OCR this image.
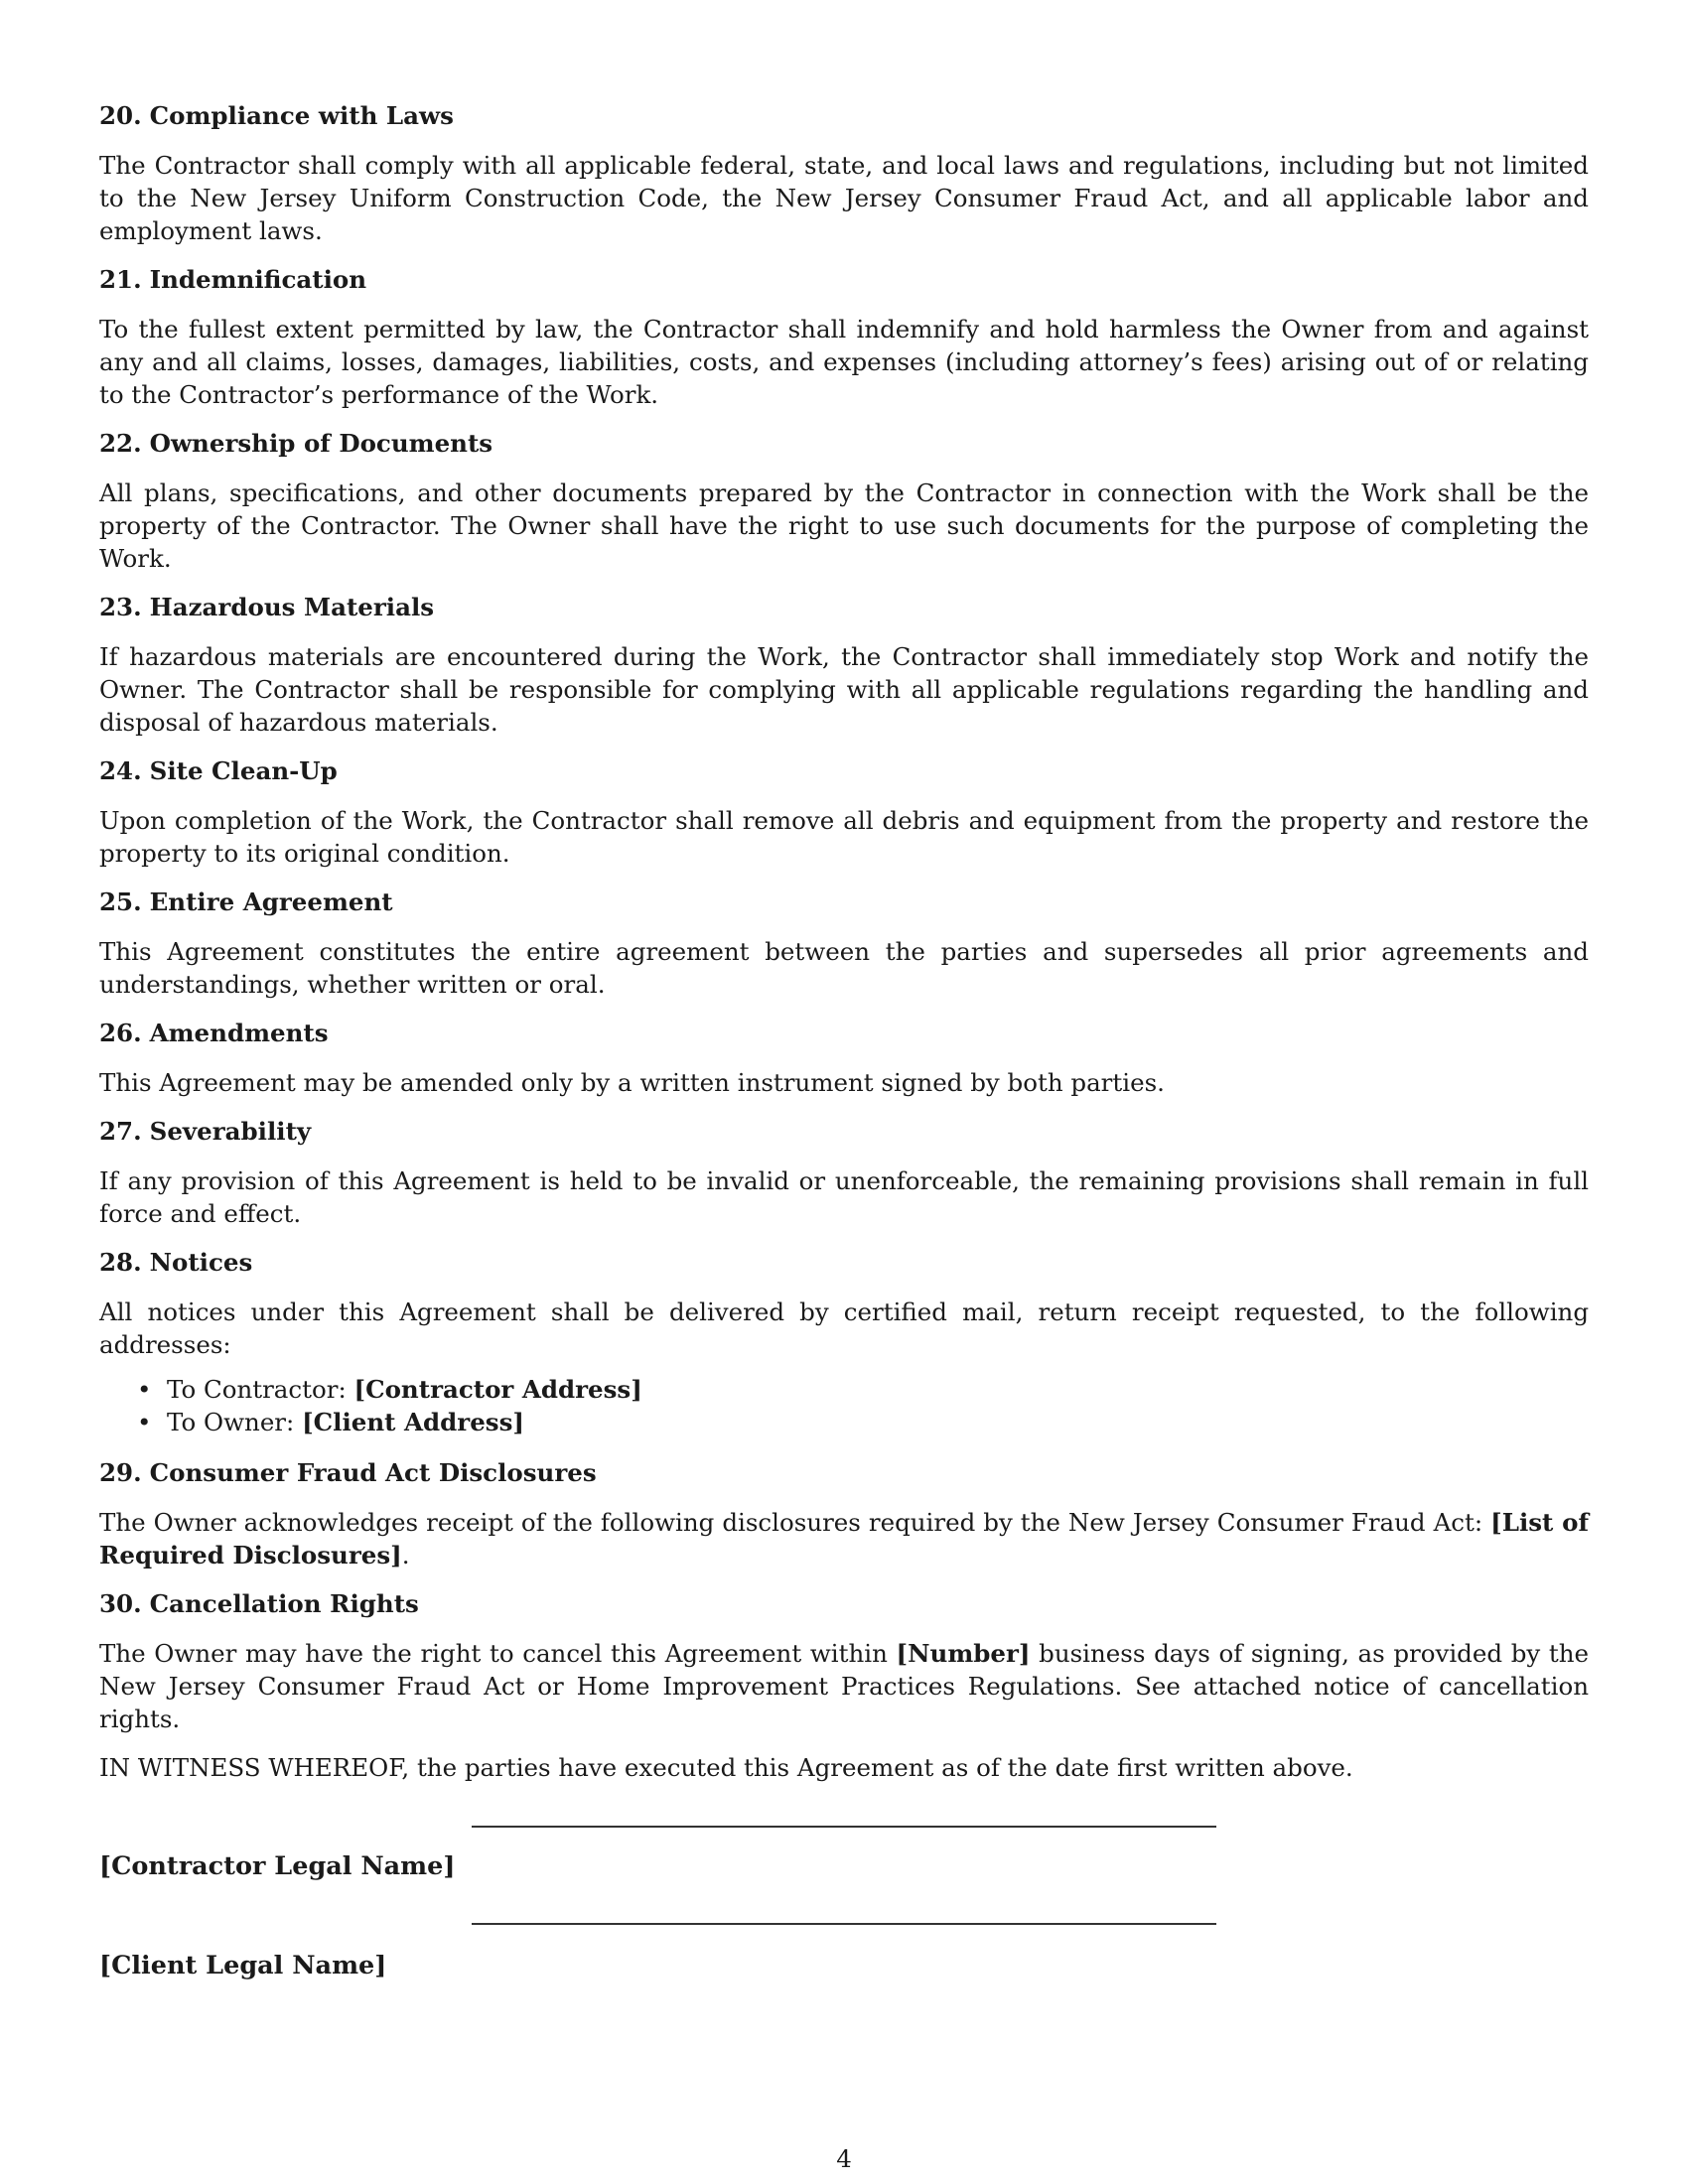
20. Compliance with Laws

The Contractor shall comply with all applicable federal, state, and local laws and regulations, including but not limited to the New Jersey Uniform Construction Code, the New Jersey Consumer Fraud Act, and all applicable labor and employment laws.

21. Indemnification

To the fullest extent permitted by law, the Contractor shall indemnify and hold harmless the Owner from and against any and all claims, losses, damages, liabilities, costs, and expenses (including attorney’s fees) arising out of or relating to the Contractor’s performance of the Work.

22. Ownership of Documents

All plans, specifications, and other documents prepared by the Contractor in connection with the Work shall be the property of the Contractor. The Owner shall have the right to use such documents for the purpose of completing the Work.

23. Hazardous Materials

If hazardous materials are encountered during the Work, the Contractor shall immediately stop Work and notify the Owner. The Contractor shall be responsible for complying with all applicable regulations regarding the handling and disposal of hazardous materials.

24. Site Clean-Up

Upon completion of the Work, the Contractor shall remove all debris and equipment from the property and restore the property to its original condition.

25. Entire Agreement

This Agreement constitutes the entire agreement between the parties and supersedes all prior agreements and understandings, whether written or oral.

26. Amendments

This Agreement may be amended only by a written instrument signed by both parties.

27. Severability

If any provision of this Agreement is held to be invalid or unenforceable, the remaining provisions shall remain in full force and effect.

28. Notices

All notices under this Agreement shall be delivered by certified mail, return receipt requested, to the following addresses:

• To Contractor: [Contractor Address]
• To Owner: [Client Address]
29. Consumer Fraud Act Disclosures

The Owner acknowledges receipt of the following disclosures required by the New Jersey Consumer Fraud Act: [List of Required Disclosures].

30. Cancellation Rights

The Owner may have the right to cancel this Agreement within [Number] business days of signing, as provided by the New Jersey Consumer Fraud Act or Home Improvement Practices Regulations. See attached notice of cancellation rights.

IN WITNESS WHEREOF, the parties have executed this Agreement as of the date first written above.

[Contractor Legal Name]
[Client Legal Name]
4
